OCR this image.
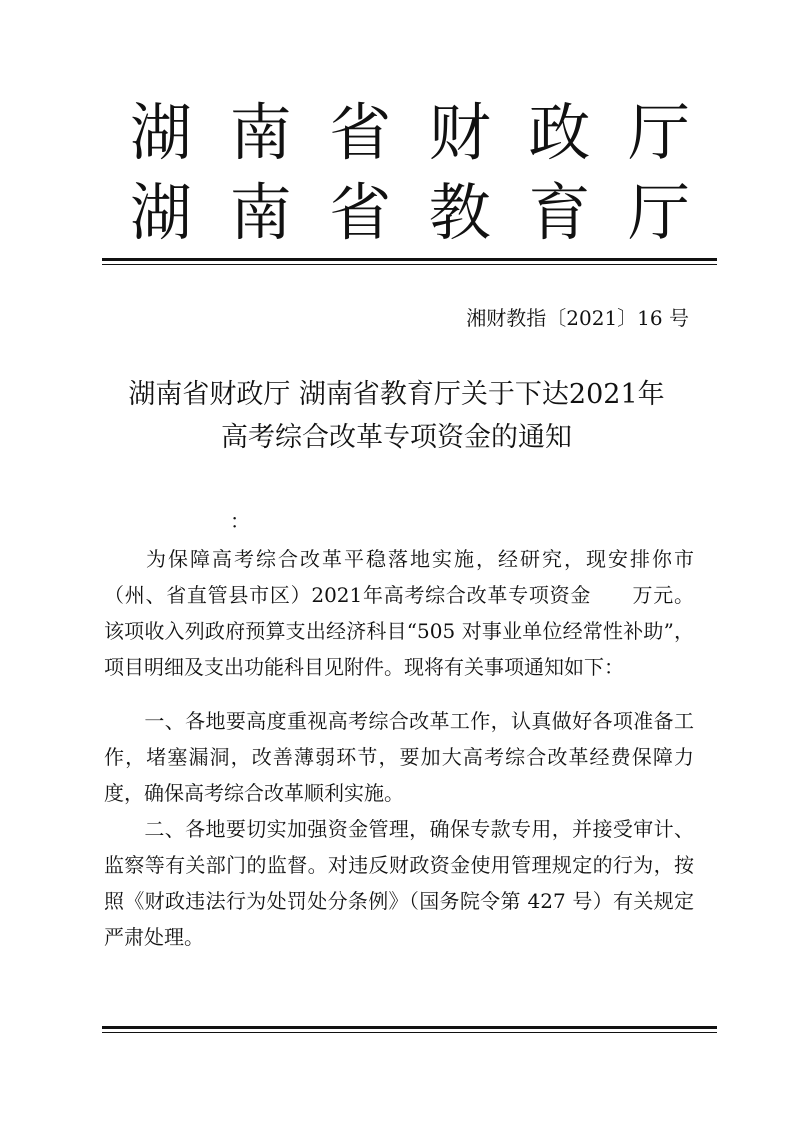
湖 南 省 财 政 厅
湖 南 省 教 育 厅
湘财教指〔2021〕16 号
湖南省财政厅 湖南省教育厅关于下达2021年
高考综合改革专项资金的通知
：
为保障高考综合改革平稳落地实施，经研究，现安排你市（州、省直管县市区）2021年高考综合改革专项资金　　万元。该项收入列政府预算支出经济科目“505 对事业单位经常性补助”，项目明细及支出功能科目见附件。现将有关事项通知如下：
一、各地要高度重视高考综合改革工作，认真做好各项准备工作，堵塞漏洞，改善薄弱环节，要加大高考综合改革经费保障力度，确保高考综合改革顺利实施。
二、各地要切实加强资金管理，确保专款专用，并接受审计、监察等有关部门的监督。对违反财政资金使用管理规定的行为，按照《财政违法行为处罚处分条例》（国务院令第 427 号）有关规定严肃处理。
